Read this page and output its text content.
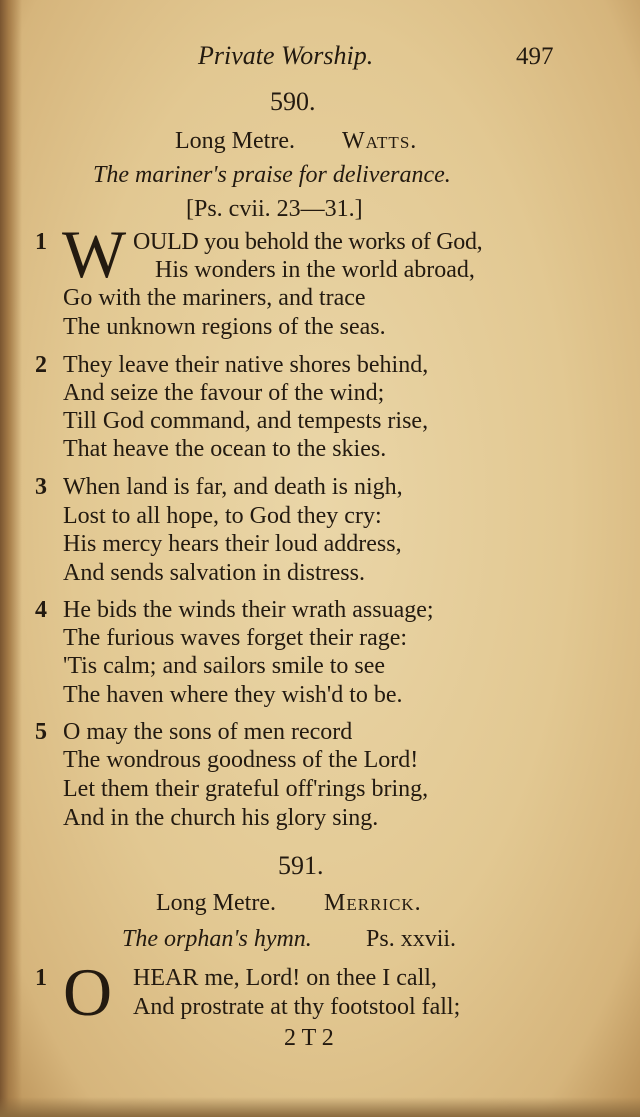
Private Worship.	497
590.
Long Metre. Watts.
The mariner's praise for deliverance.
[Ps. cvii. 23—31.]
1 W OULD you behold the works of God,
His wonders in the world abroad,
Go with the mariners, and trace
The unknown regions of the seas.
2 They leave their native shores behind,
And seize the favour of the wind;
Till God command, and tempests rise,
That heave the ocean to the skies.
3 When land is far, and death is nigh,
Lost to all hope, to God they cry:
His mercy hears their loud address,
And sends salvation in distress.
4 He bids the winds their wrath assuage;
The furious waves forget their rage:
'Tis calm; and sailors smile to see
The haven where they wish'd to be.
5 O may the sons of men record
The wondrous goodness of the Lord!
Let them their grateful off'rings bring,
And in the church his glory sing.
591.
Long Metre. Merrick.
The orphan's hymn. Ps. xxvii.
1 O HEAR me, Lord! on thee I call,
And prostrate at thy footstool fall;
2 T 2
